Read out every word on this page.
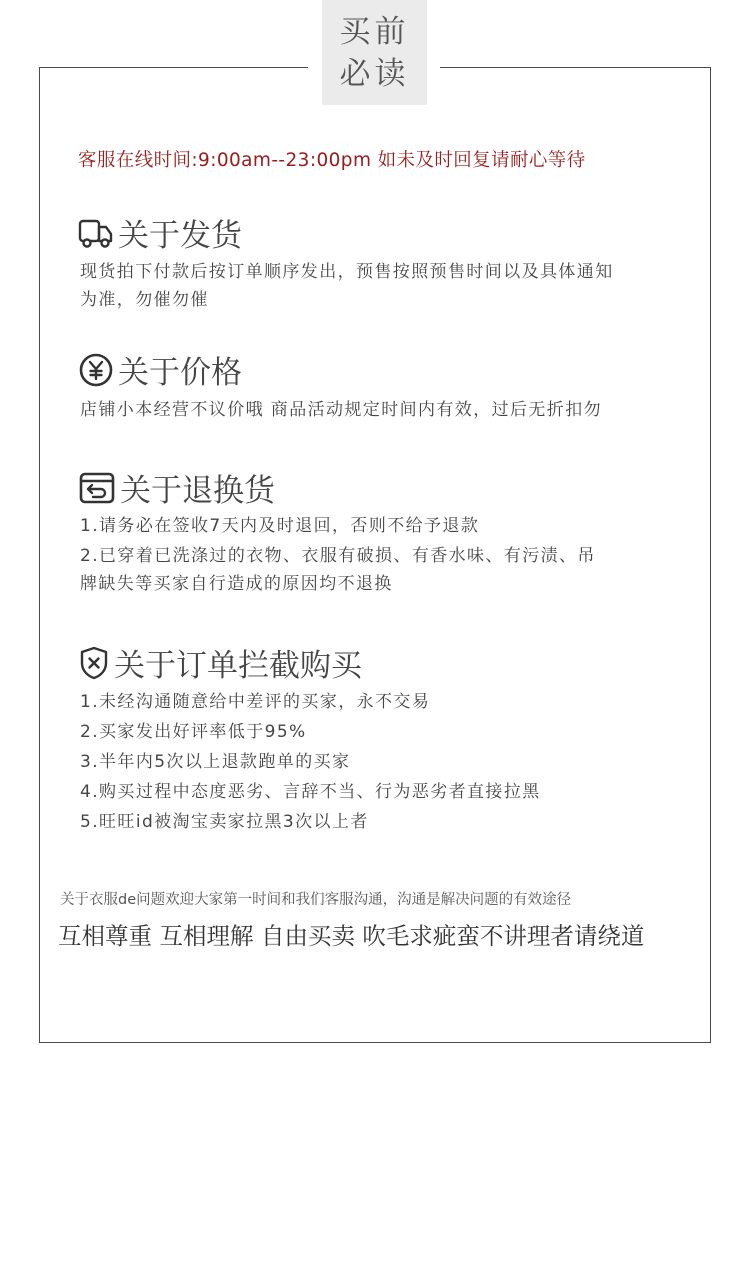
买前
必读
客服在线时间:9:00am--23:00pm 如未及时回复请耐心等待
关于发货
现货拍下付款后按订单顺序发出，预售按照预售时间以及具体通知
为准，勿催勿催
关于价格
店铺小本经营不议价哦 商品活动规定时间内有效，过后无折扣勿
关于退换货
1.请务必在签收7天内及时退回，否则不给予退款
2.已穿着已洗涤过的衣物、衣服有破损、有香水味、有污渍、吊
牌缺失等买家自行造成的原因均不退换
关于订单拦截购买
1.未经沟通随意给中差评的买家，永不交易
2.买家发出好评率低于95%
3.半年内5次以上退款跑单的买家
4.购买过程中态度恶劣、言辞不当、行为恶劣者直接拉黑
5.旺旺id被淘宝卖家拉黑3次以上者
关于衣服de问题欢迎大家第一时间和我们客服沟通，沟通是解决问题的有效途径
互相尊重 互相理解 自由买卖 吹毛求疵蛮不讲理者请绕道
